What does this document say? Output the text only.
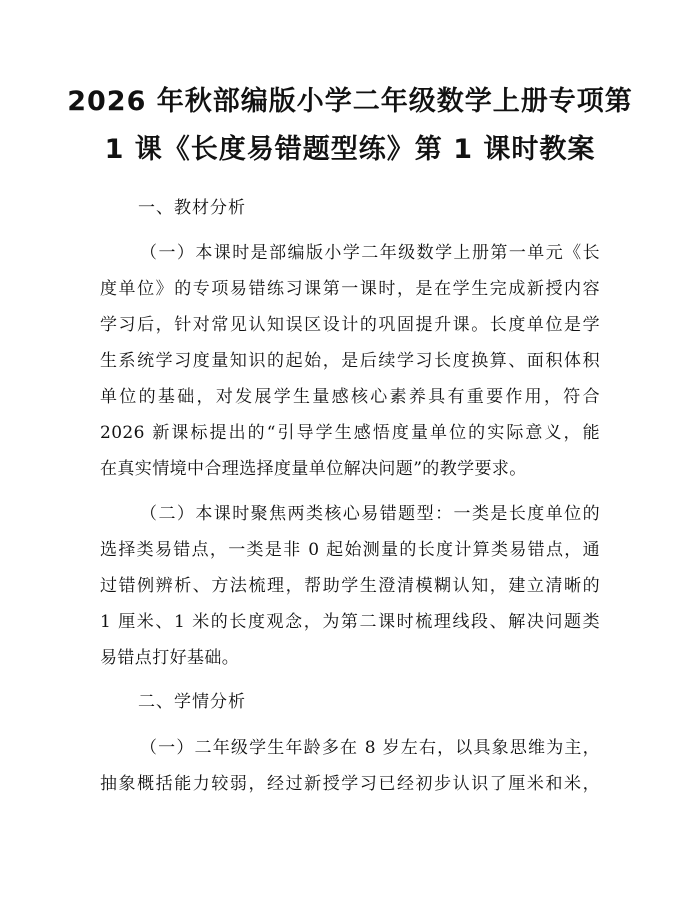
2026 年秋部编版小学二年级数学上册专项第
1 课《长度易错题型练》第 1 课时教案
一、教材分析
（一）本课时是部编版小学二年级数学上册第一单元《长
度单位》的专项易错练习课第一课时，是在学生完成新授内容
学习后，针对常见认知误区设计的巩固提升课。长度单位是学
生系统学习度量知识的起始，是后续学习长度换算、面积体积
单位的基础，对发展学生量感核心素养具有重要作用，符合
2026 新课标提出的“引导学生感悟度量单位的实际意义，能
在真实情境中合理选择度量单位解决问题”的教学要求。
（二）本课时聚焦两类核心易错题型：一类是长度单位的
选择类易错点，一类是非 0 起始测量的长度计算类易错点，通
过错例辨析、方法梳理，帮助学生澄清模糊认知，建立清晰的
1 厘米、1 米的长度观念，为第二课时梳理线段、解决问题类
易错点打好基础。
二、学情分析
（一）二年级学生年龄多在 8 岁左右，以具象思维为主，
抽象概括能力较弱，经过新授学习已经初步认识了厘米和米，
